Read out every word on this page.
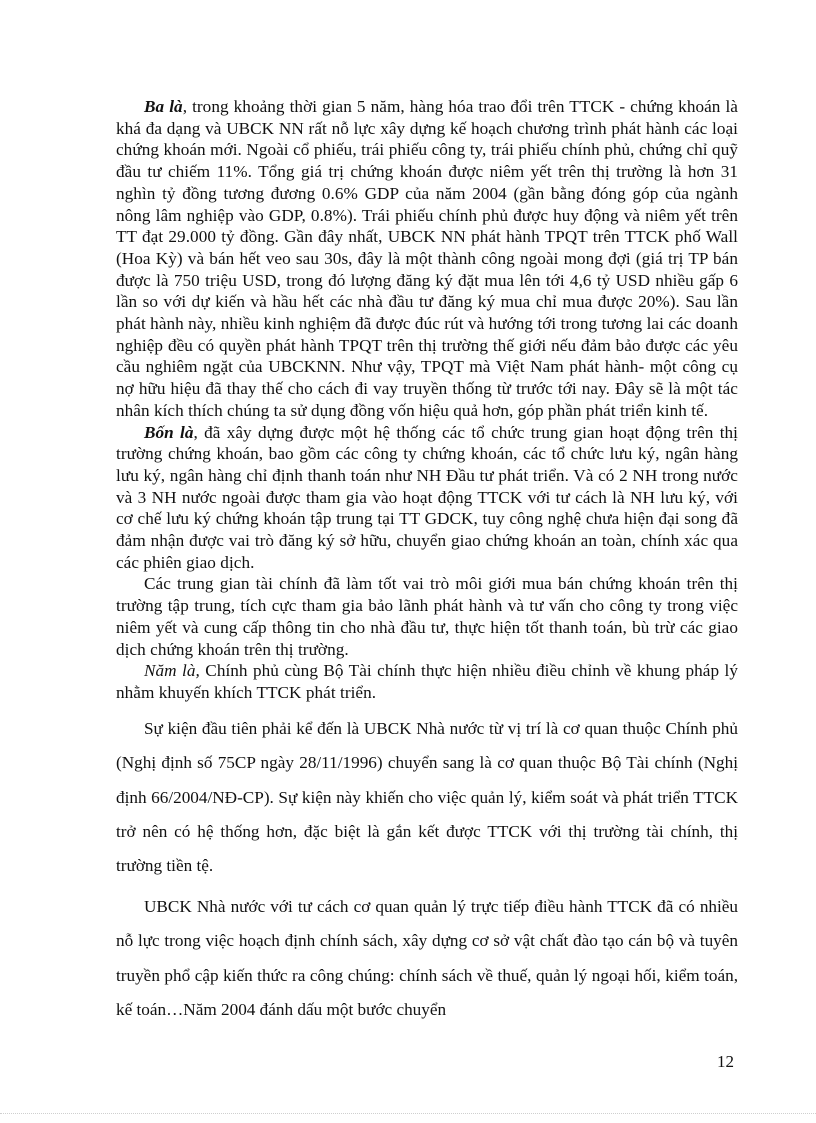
Ba là, trong khoảng thời gian 5 năm, hàng hóa trao đổi trên TTCK - chứng khoán là khá đa dạng và UBCK NN rất nỗ lực xây dựng kế hoạch chương trình phát hành các loại chứng khoán mới. Ngoài cổ phiếu, trái phiếu công ty, trái phiếu chính phủ, chứng chỉ quỹ đầu tư chiếm 11%. Tổng giá trị chứng khoán được niêm yết trên thị trường là hơn 31 nghìn tỷ đồng tương đương 0.6% GDP của năm 2004 (gần bằng đóng góp của ngành nông lâm nghiệp vào GDP, 0.8%). Trái phiếu chính phủ được huy động và niêm yết trên TT đạt 29.000 tỷ đồng. Gần đây nhất, UBCK NN phát hành TPQT trên TTCK phố Wall (Hoa Kỳ) và bán hết veo sau 30s, đây là một thành công ngoài mong đợi (giá trị TP bán được là 750 triệu USD, trong đó lượng đăng ký đặt mua lên tới 4,6 tỷ USD nhiều gấp 6 lần so với dự kiến và hầu hết các nhà đầu tư đăng ký mua chỉ mua được 20%). Sau lần phát hành này, nhiều kinh nghiệm đã được đúc rút và hướng tới trong tương lai các doanh nghiệp đều có quyền phát hành TPQT trên thị trường thế giới nếu đảm bảo được các yêu cầu nghiêm ngặt của UBCKNN. Như vậy, TPQT mà Việt Nam phát hành- một công cụ nợ hữu hiệu đã thay thế cho cách đi vay truyền thống từ trước tới nay. Đây sẽ là một tác nhân kích thích chúng ta sử dụng đồng vốn hiệu quả hơn, góp phần phát triển kinh tế.

Bốn là, đã xây dựng được một hệ thống các tổ chức trung gian hoạt động trên thị trường chứng khoán, bao gồm các công ty chứng khoán, các tổ chức lưu ký, ngân hàng lưu ký, ngân hàng chỉ định thanh toán như NH Đầu tư phát triển. Và có 2 NH trong nước và 3 NH nước ngoài được tham gia vào hoạt động TTCK với tư cách là NH lưu ký, với cơ chế lưu ký chứng khoán tập trung tại TT GDCK, tuy công nghệ chưa hiện đại song đã đảm nhận được vai trò đăng ký sở hữu, chuyển giao chứng khoán an toàn, chính xác qua các phiên giao dịch.

Các trung gian tài chính đã làm tốt vai trò môi giới mua bán chứng khoán trên thị trường tập trung, tích cực tham gia bảo lãnh phát hành và tư vấn cho công ty trong việc niêm yết và cung cấp thông tin cho nhà đầu tư, thực hiện tốt thanh toán, bù trừ các giao dịch chứng khoán trên thị trường.

Năm là, Chính phủ cùng Bộ Tài chính thực hiện nhiều điều chỉnh về khung pháp lý nhằm khuyến khích TTCK phát triển.

Sự kiện đầu tiên phải kể đến là UBCK Nhà nước từ vị trí là cơ quan thuộc Chính phủ (Nghị định số 75CP ngày 28/11/1996) chuyển sang là cơ quan thuộc Bộ Tài chính (Nghị định 66/2004/NĐ-CP). Sự kiện này khiến cho việc quản lý, kiểm soát và phát triển TTCK trở nên có hệ thống hơn, đặc biệt là gắn kết được TTCK với thị trường tài chính, thị trường tiền tệ.

UBCK Nhà nước với tư cách cơ quan quản lý trực tiếp điều hành TTCK đã có nhiều nỗ lực trong việc hoạch định chính sách, xây dựng cơ sở vật chất đào tạo cán bộ và tuyên truyền phổ cập kiến thức ra công chúng: chính sách về thuế, quản lý ngoại hối, kiểm toán, kế toán…Năm 2004 đánh dấu một bước chuyển

12
